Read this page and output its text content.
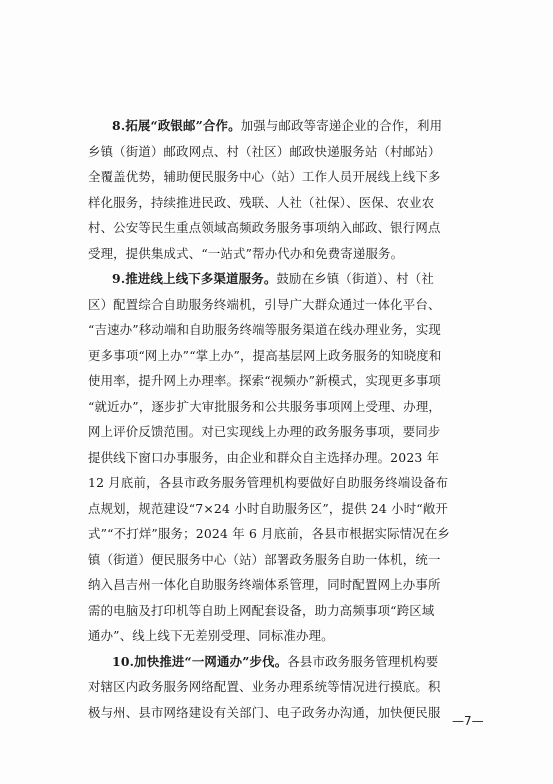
8.拓展“政银邮”合作。加强与邮政等寄递企业的合作，利用
乡镇（街道）邮政网点、村（社区）邮政快递服务站（村邮站）
全覆盖优势，辅助便民服务中心（站）工作人员开展线上线下多
样化服务，持续推进民政、残联、人社（社保）、医保、农业农
村、公安等民生重点领域高频政务服务事项纳入邮政、银行网点
受理，提供集成式、“一站式”帮办代办和免费寄递服务。
9.推进线上线下多渠道服务。鼓励在乡镇（街道）、村（社
区）配置综合自助服务终端机，引导广大群众通过一体化平台、
“吉速办”移动端和自助服务终端等服务渠道在线办理业务，实现
更多事项“网上办”“掌上办”，提高基层网上政务服务的知晓度和
使用率，提升网上办理率。探索“视频办”新模式，实现更多事项
“就近办”，逐步扩大审批服务和公共服务事项网上受理、办理，
网上评价反馈范围。对已实现线上办理的政务服务事项，要同步
提供线下窗口办事服务，由企业和群众自主选择办理。2023 年
12 月底前，各县市政务服务管理机构要做好自助服务终端设备布
点规划，规范建设“7×24 小时自助服务区”，提供 24 小时“敞开
式”“不打烊”服务；2024 年 6 月底前，各县市根据实际情况在乡
镇（街道）便民服务中心（站）部署政务服务自助一体机，统一
纳入昌吉州一体化自助服务终端体系管理，同时配置网上办事所
需的电脑及打印机等自助上网配套设备，助力高频事项“跨区域
通办”、线上线下无差别受理、同标准办理。
10.加快推进“一网通办”步伐。各县市政务服务管理机构要
对辖区内政务服务网络配置、业务办理系统等情况进行摸底。积
极与州、县市网络建设有关部门、电子政务办沟通，加快便民服
—7—
